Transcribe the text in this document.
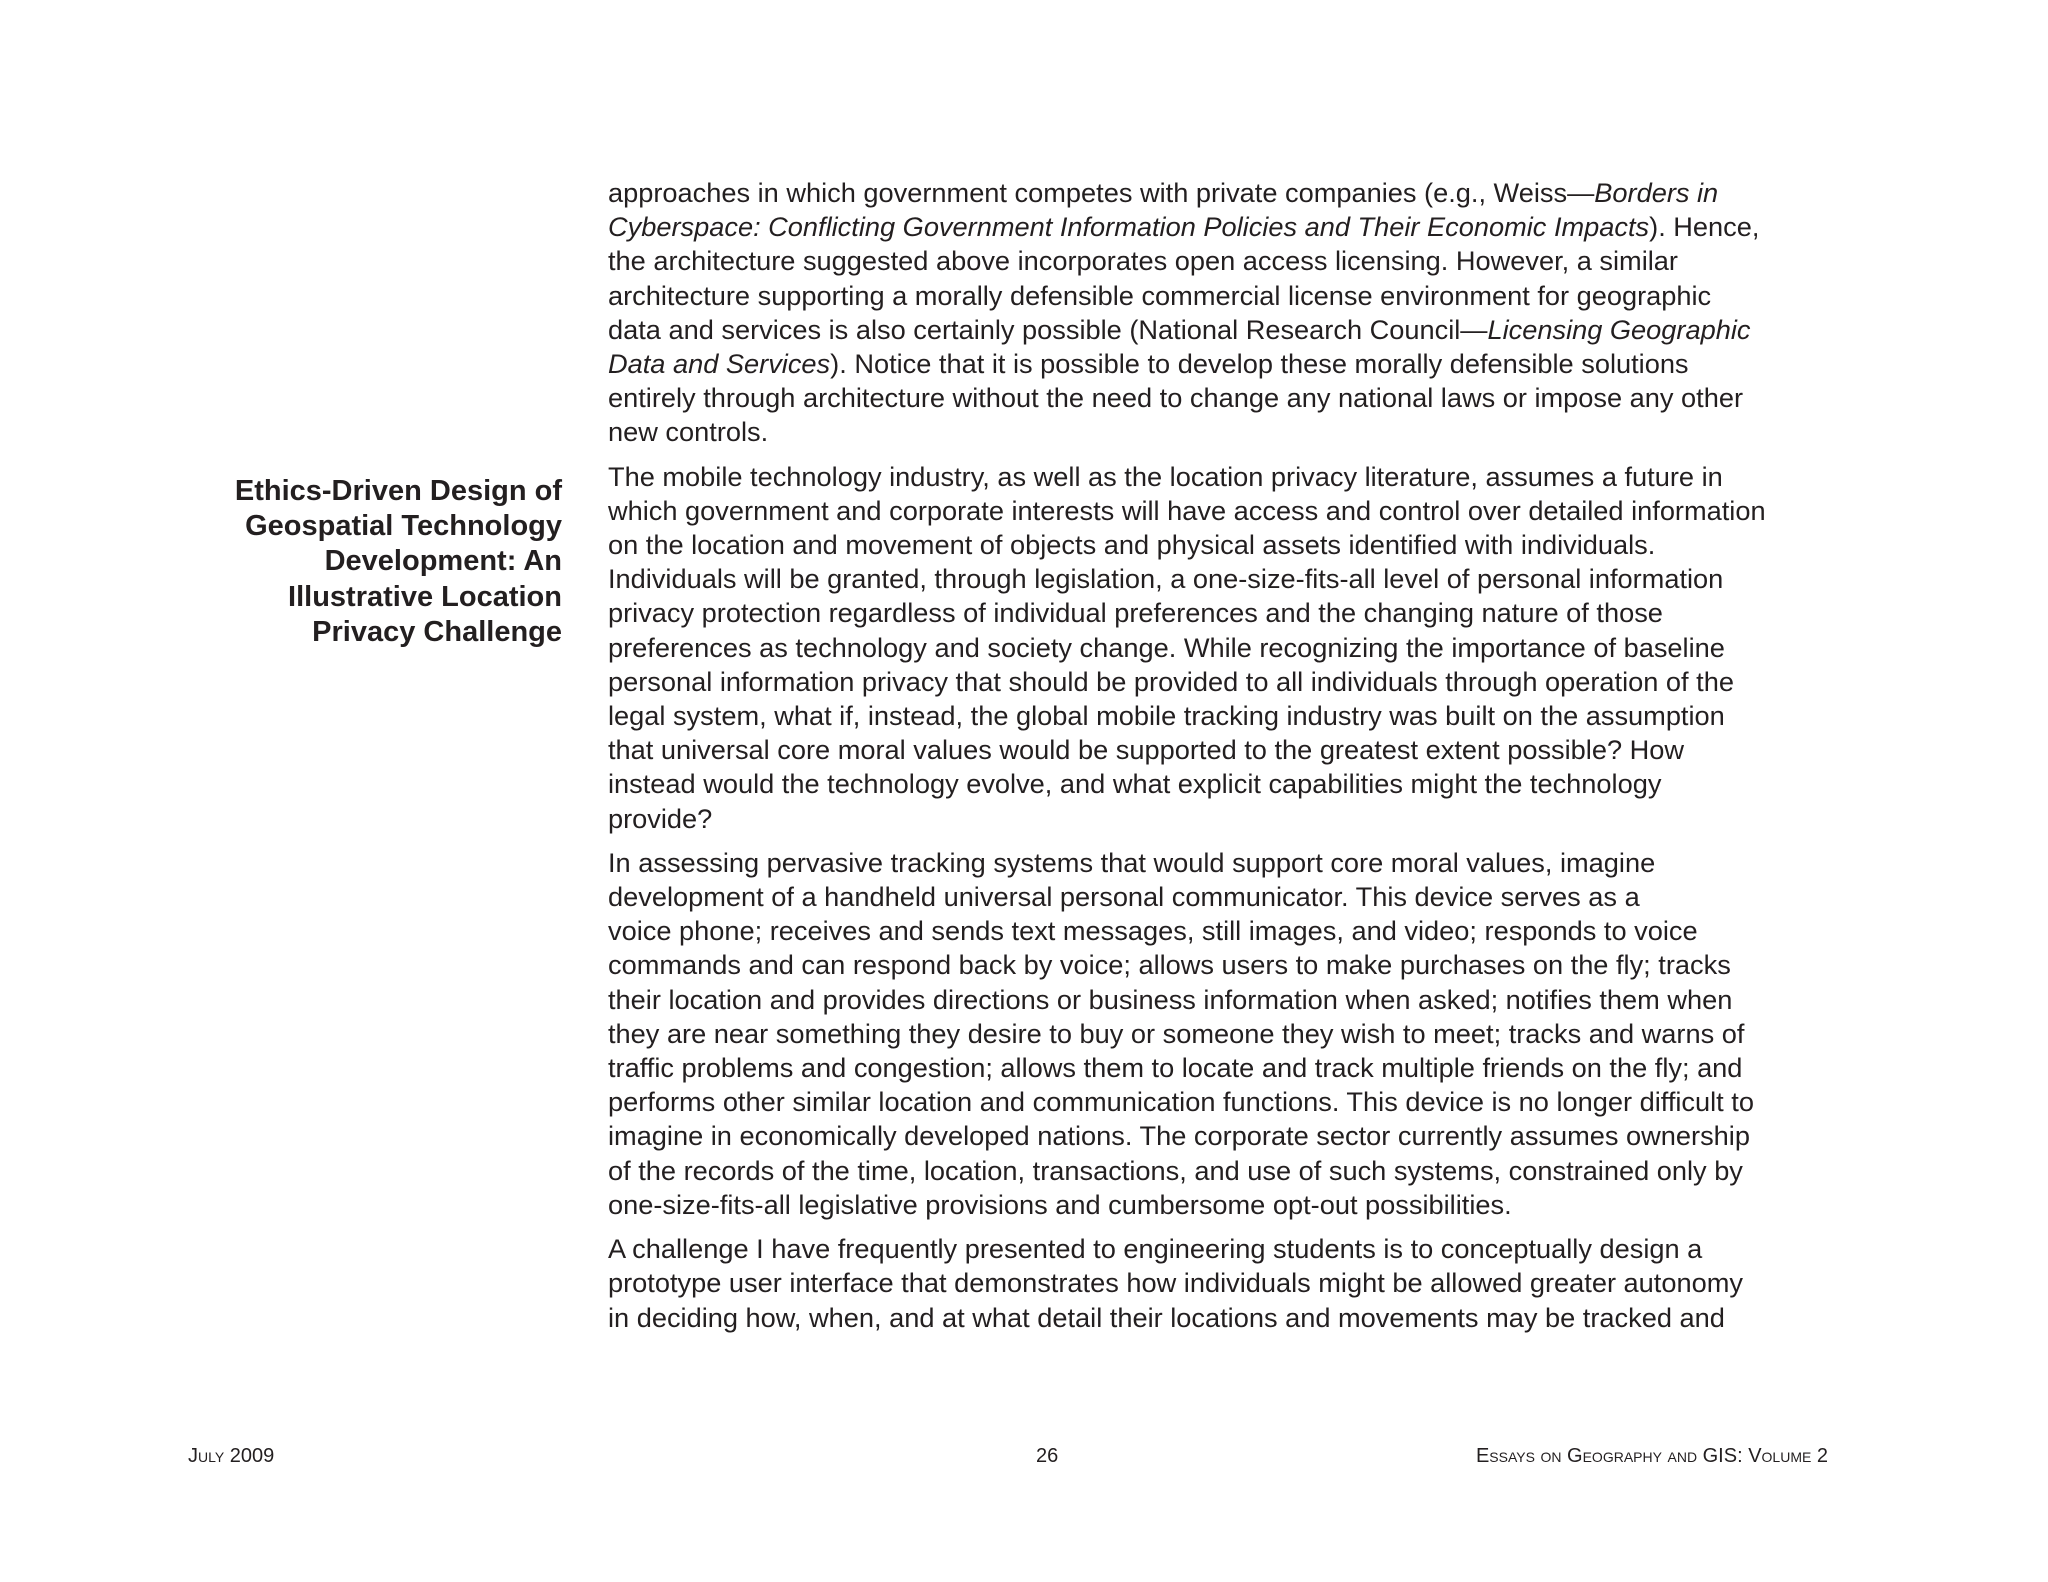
Ethics-Driven Design of
Geospatial Technology
Development: An
Illustrative Location
Privacy Challenge

approaches in which government competes with private companies (e.g., Weiss—Borders in
Cyberspace: Conflicting Government Information Policies and Their Economic Impacts). Hence,
the architecture suggested above incorporates open access licensing. However, a similar
architecture supporting a morally defensible commercial license environment for geographic
data and services is also certainly possible (National Research Council—Licensing Geographic
Data and Services). Notice that it is possible to develop these morally defensible solutions
entirely through architecture without the need to change any national laws or impose any other
new controls.

The mobile technology industry, as well as the location privacy literature, assumes a future in
which government and corporate interests will have access and control over detailed information
on the location and movement of objects and physical assets identified with individuals.
Individuals will be granted, through legislation, a one-size-fits-all level of personal information
privacy protection regardless of individual preferences and the changing nature of those
preferences as technology and society change. While recognizing the importance of baseline
personal information privacy that should be provided to all individuals through operation of the
legal system, what if, instead, the global mobile tracking industry was built on the assumption
that universal core moral values would be supported to the greatest extent possible? How
instead would the technology evolve, and what explicit capabilities might the technology
provide?

In assessing pervasive tracking systems that would support core moral values, imagine
development of a handheld universal personal communicator. This device serves as a
voice phone; receives and sends text messages, still images, and video; responds to voice
commands and can respond back by voice; allows users to make purchases on the fly; tracks
their location and provides directions or business information when asked; notifies them when
they are near something they desire to buy or someone they wish to meet; tracks and warns of
traffic problems and congestion; allows them to locate and track multiple friends on the fly; and
performs other similar location and communication functions. This device is no longer difficult to
imagine in economically developed nations. The corporate sector currently assumes ownership
of the records of the time, location, transactions, and use of such systems, constrained only by
one-size-fits-all legislative provisions and cumbersome opt-out possibilities.

A challenge I have frequently presented to engineering students is to conceptually design a
prototype user interface that demonstrates how individuals might be allowed greater autonomy
in deciding how, when, and at what detail their locations and movements may be tracked and

July 2009	26	Essays on Geography and GIS: Volume 2
